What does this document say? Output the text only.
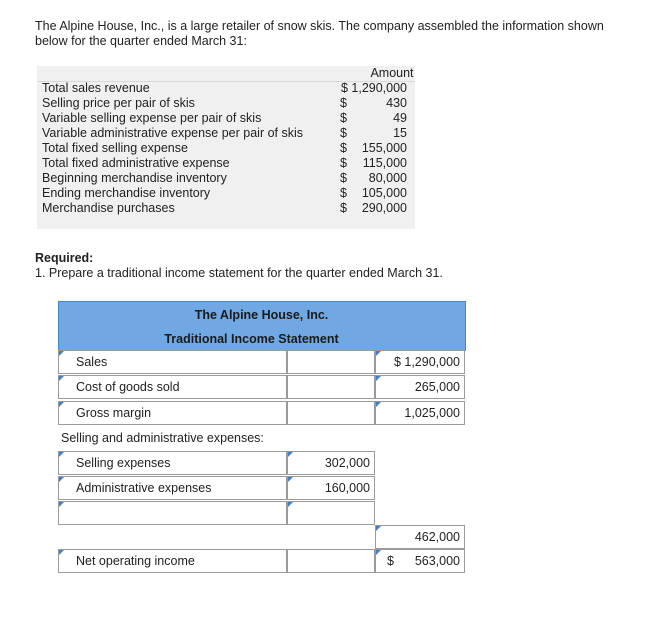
The Alpine House, Inc., is a large retailer of snow skis. The company assembled the information shown below for the quarter ended March 31:
Amount
Total sales revenue	$ 1,290,000
Selling price per pair of skis	$	430
Variable selling expense per pair of skis	$	49
Variable administrative expense per pair of skis	$	15
Total fixed selling expense	$ 155,000
Total fixed administrative expense	$ 115,000
Beginning merchandise inventory	$ 80,000
Ending merchandise inventory	$ 105,000
Merchandise purchases	$ 290,000
Required:
1. Prepare a traditional income statement for the quarter ended March 31.
The Alpine House, Inc.
Traditional Income Statement
Sales	$ 1,290,000
Cost of goods sold	265,000
Gross margin	1,025,000
Selling and administrative expenses:
Selling expenses	302,000
Administrative expenses	160,000
462,000
Net operating income	$ 563,000
